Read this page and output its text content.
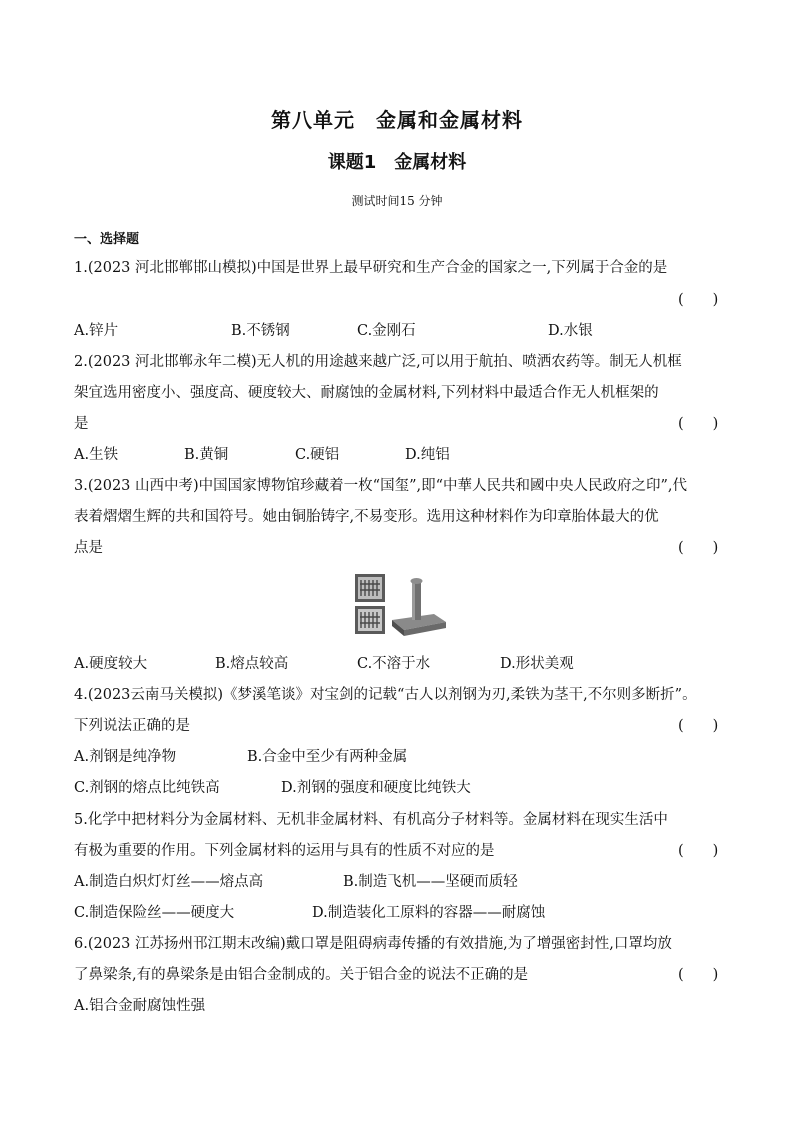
第八单元　金属和金属材料
课题1　金属材料
测试时间15 分钟
一、选择题
1.(2023 河北邯郸邯山模拟)中国是世界上最早研究和生产合金的国家之一,下列属于合金的是
(　　)
A.锌片	B.不锈钢	C.金刚石	D.水银
2.(2023 河北邯郸永年二模)无人机的用途越来越广泛,可以用于航拍、喷洒农药等。制无人机框
架宜选用密度小、强度高、硬度较大、耐腐蚀的金属材料,下列材料中最适合作无人机框架的
是	(　　)
A.生铁	B.黄铜	C.硬铝	D.纯铝
3.(2023 山西中考)中国国家博物馆珍藏着一枚“国玺”,即“中華人民共和國中央人民政府之印”,代
表着熠熠生辉的共和国符号。她由铜胎铸字,不易变形。选用这种材料作为印章胎体最大的优
点是	(　　)
A.硬度较大	B.熔点较高	C.不溶于水	D.形状美观
4.(2023云南马关模拟)《梦溪笔谈》对宝剑的记载“古人以剂钢为刃,柔铁为茎干,不尔则多断折”。
下列说法正确的是	(　　)
A.剂钢是纯净物	B.合金中至少有两种金属
C.剂钢的熔点比纯铁高	D.剂钢的强度和硬度比纯铁大
5.化学中把材料分为金属材料、无机非金属材料、有机高分子材料等。金属材料在现实生活中
有极为重要的作用。下列金属材料的运用与具有的性质不对应的是	(　　)
A.制造白炽灯灯丝——熔点高	B.制造飞机——坚硬而质轻
C.制造保险丝——硬度大	D.制造装化工原料的容器——耐腐蚀
6.(2023 江苏扬州邗江期末改编)戴口罩是阻碍病毒传播的有效措施,为了增强密封性,口罩均放
了鼻梁条,有的鼻梁条是由铝合金制成的。关于铝合金的说法不正确的是	(　　)
A.铝合金耐腐蚀性强
